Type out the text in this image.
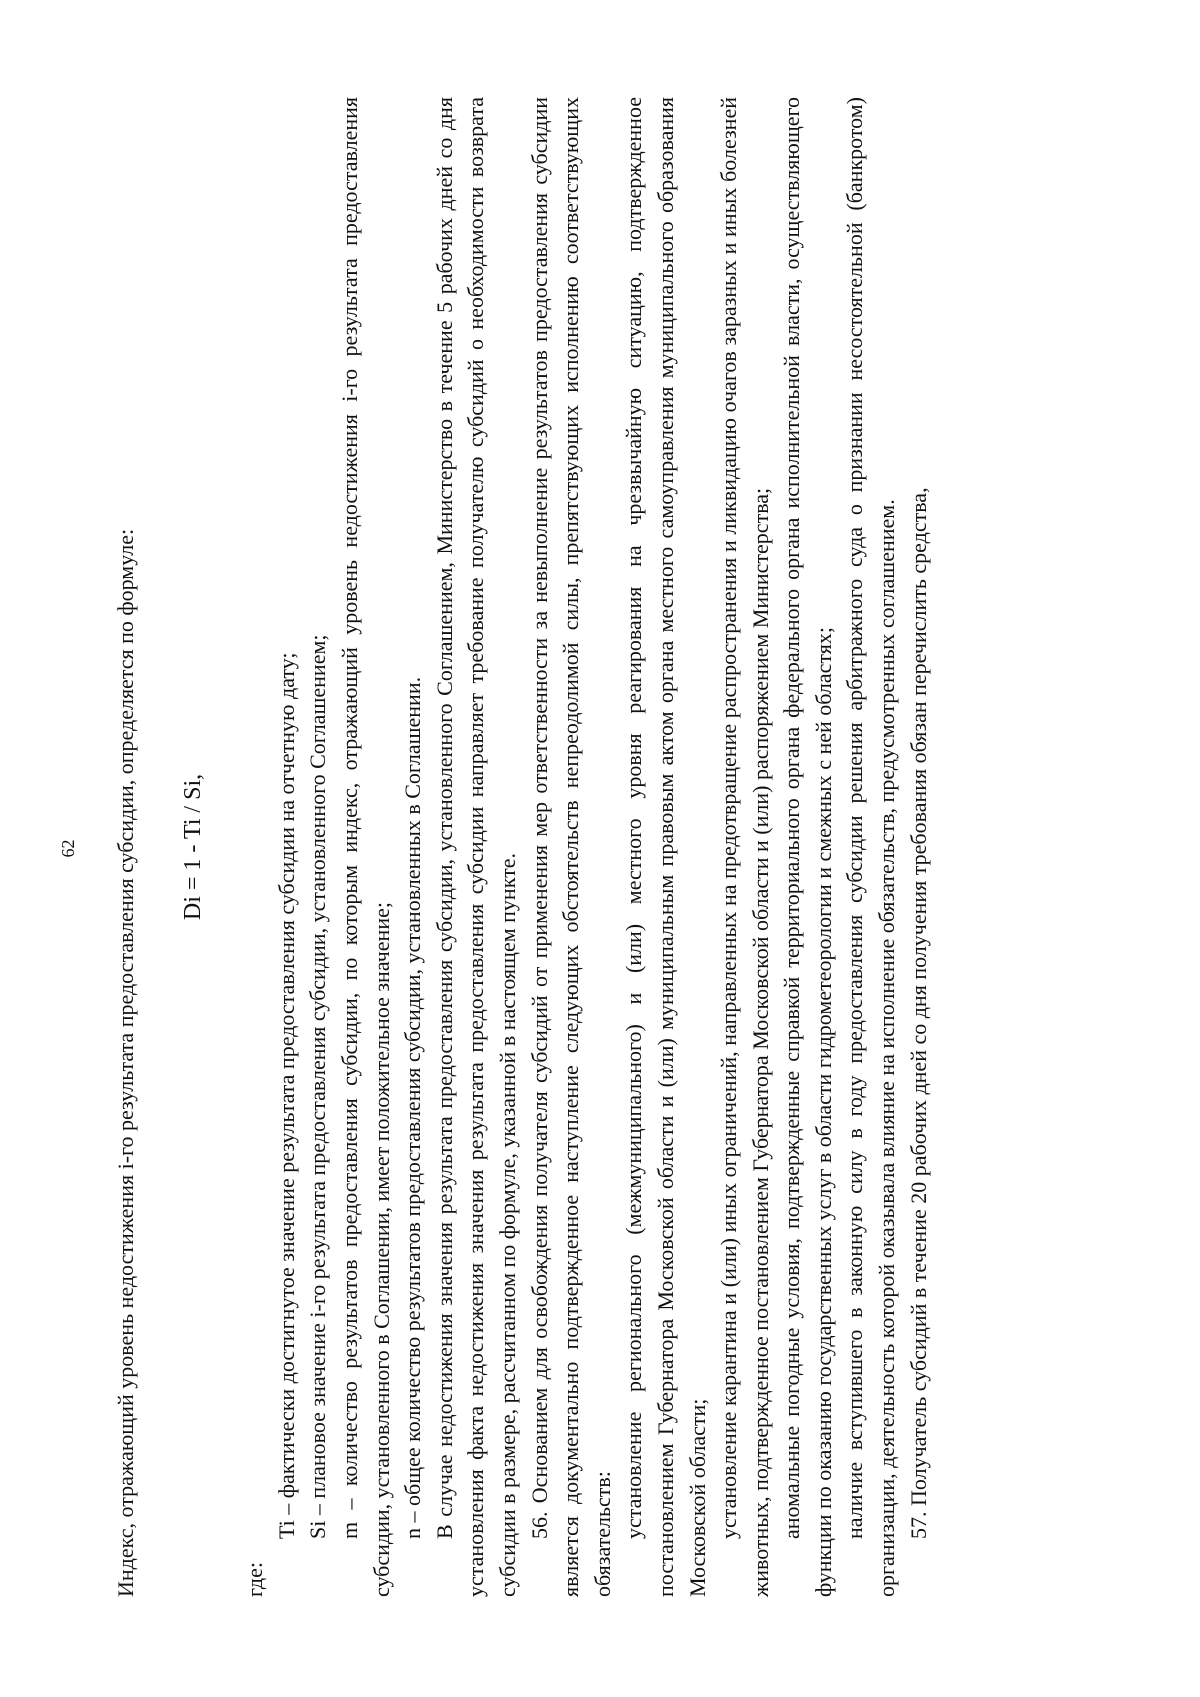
62 Индекс, отражающий уровень недостижения i-го результата предоставления субсидии, определяется по формуле: Di = 1 - Ti / Si,

где:

Ti – фактически достигнутое значение результата предоставления субсидии на отчетную дату; Si – плановое значение i-го результата предоставления субсидии, установленного Соглашением; m – количество результатов предоставления субсидии, по которым индекс, отражающий уровень недостижения i-го результата предоставления субсидии, установленного в Соглашении, имеет положительное значение; n – общее количество результатов предоставления субсидии, установленных в Соглашении. В случае недостижения значения результата предоставления субсидии, установленного Соглашением, Министерство в течение 5 рабочих дней со дня установления факта недостижения значения результата предоставления субсидии направляет требование получателю субсидий о необходимости возврата субсидии в размере, рассчитанном по формуле, указанной в настоящем пункте. 56. Основанием для освобождения получателя субсидий от применения мер ответственности за невыполнение результатов предоставления субсидии является документально подтвержденное наступление следующих обстоятельств непреодолимой силы, препятствующих исполнению соответствующих обязательств: установление регионального (межмуниципального) и (или) местного уровня реагирования на чрезвычайную ситуацию, подтвержденное постановлением Губернатора Московской области и (или) муниципальным правовым актом органа местного самоуправления муниципального образования Московской области; установление карантина и (или) иных ограничений, направленных на предотвращение распространения и ликвидацию очагов заразных и иных болезней животных, подтвержденное постановлением Губернатора Московской области и (или) распоряжением Министерства; аномальные погодные условия, подтвержденные справкой территориального органа федерального органа исполнительной власти, осуществляющего функции по оказанию государственных услуг в области гидрометеорологии и смежных с ней областях; наличие вступившего в законную силу в году предоставления субсидии решения арбитражного суда о признании несостоятельной (банкротом) организации, деятельность которой оказывала влияние на исполнение обязательств, предусмотренных соглашением. 57. Получатель субсидий в течение 20 рабочих дней со дня получения требования обязан перечислить средства,
